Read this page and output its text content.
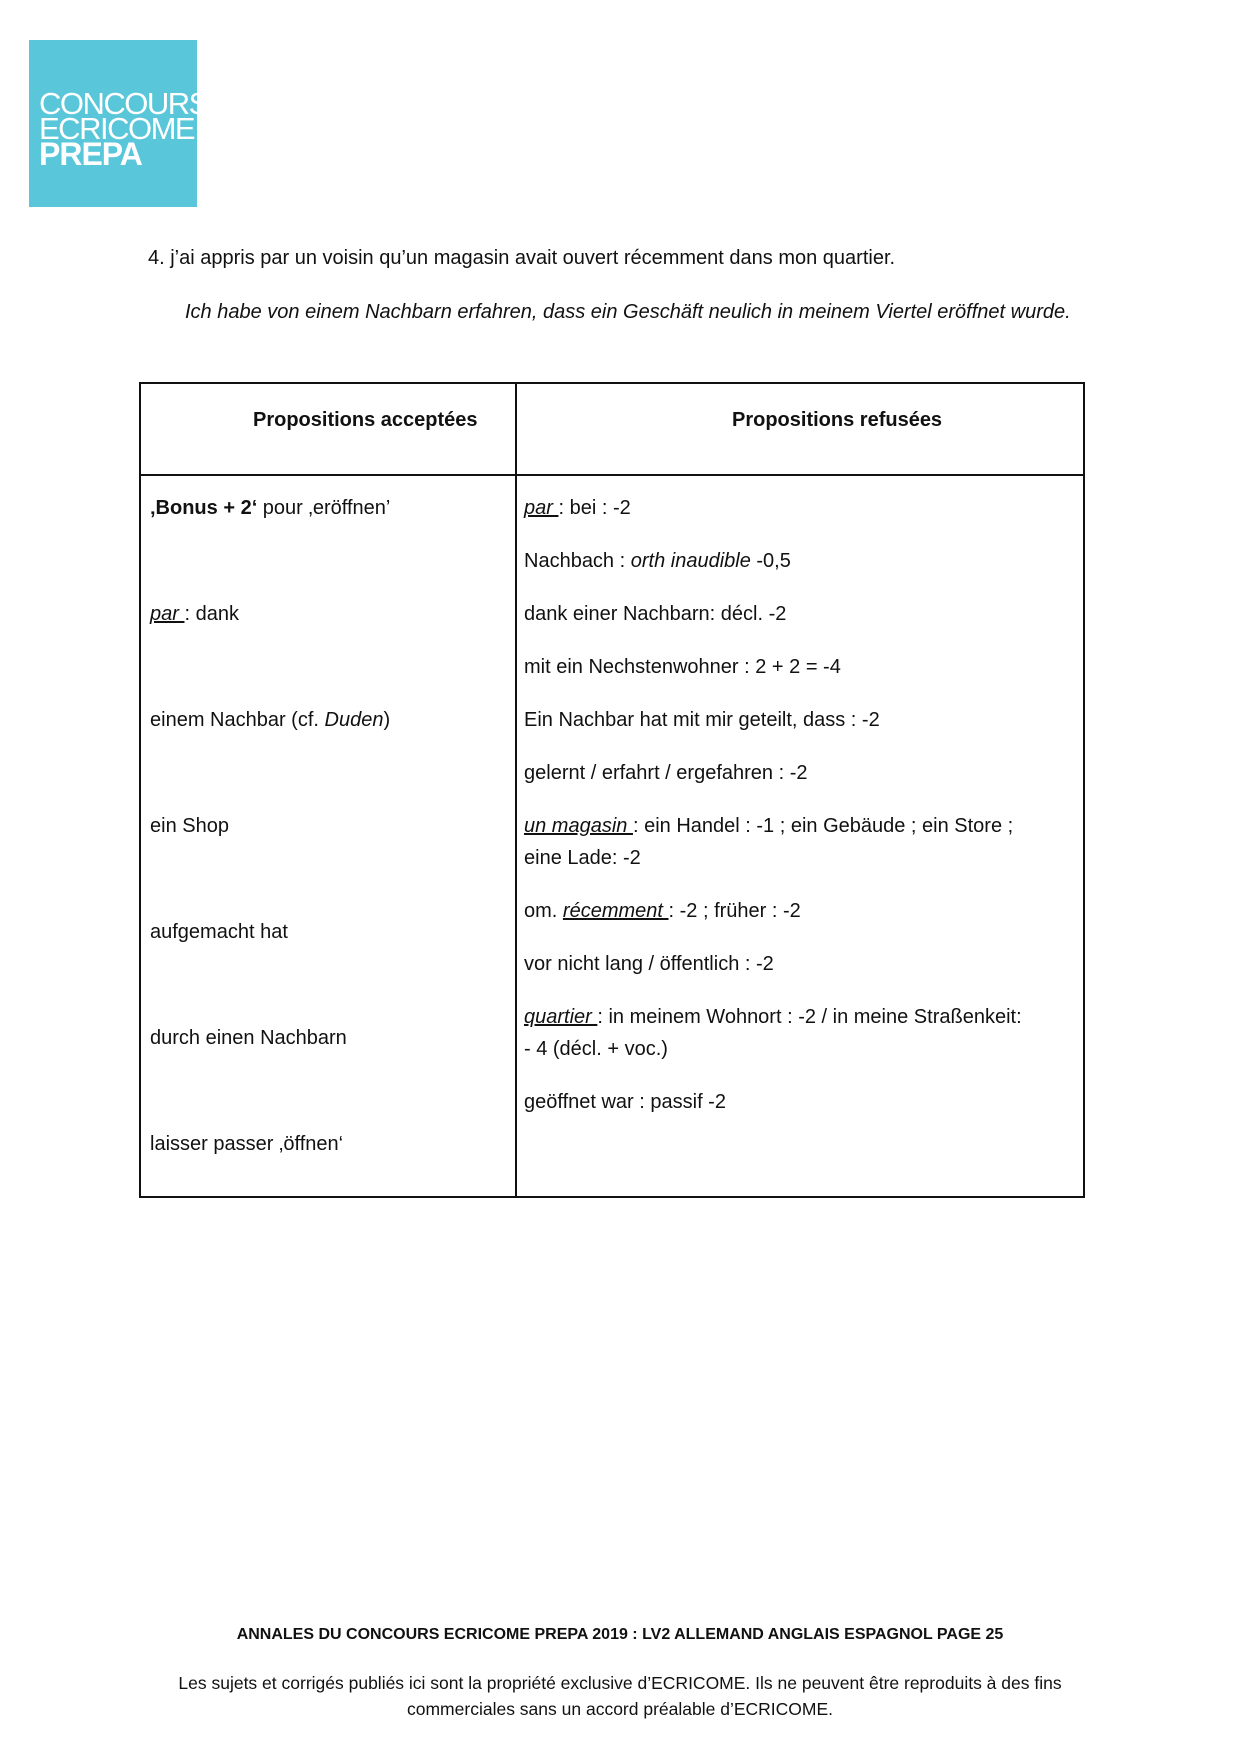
CONCOURS
ECRICOME
PREPA
4. j’ai appris par un voisin qu’un magasin avait ouvert récemment dans mon quartier.
Ich habe von einem Nachbarn erfahren, dass ein Geschäft neulich in meinem Viertel eröffnet wurde.
Propositions acceptées	Propositions refusées
‚Bonus + 2‘ pour ‚eröffnen’
par : dank
einem Nachbar (cf. Duden)
ein Shop
aufgemacht hat
durch einen Nachbarn
laisser passer ‚öffnen‘
par : bei : -2
Nachbach : orth inaudible -0,5
dank einer Nachbarn: décl. -2
mit ein Nechstenwohner : 2 + 2 = -4
Ein Nachbar hat mit mir geteilt, dass : -2
gelernt / erfahrt / ergefahren : -2
un magasin : ein Handel : -1 ; ein Gebäude ; ein Store ;
eine Lade: -2
om. récemment : -2 ; früher : -2
vor nicht lang / öffentlich : -2
quartier : in meinem Wohnort : -2 / in meine Straßenkeit:
- 4 (décl. + voc.)
geöffnet war : passif -2
ANNALES DU CONCOURS ECRICOME PREPA 2019 : LV2 ALLEMAND ANGLAIS ESPAGNOL PAGE 25
Les sujets et corrigés publiés ici sont la propriété exclusive d’ECRICOME. Ils ne peuvent être reproduits à des fins commerciales sans un accord préalable d’ECRICOME.
